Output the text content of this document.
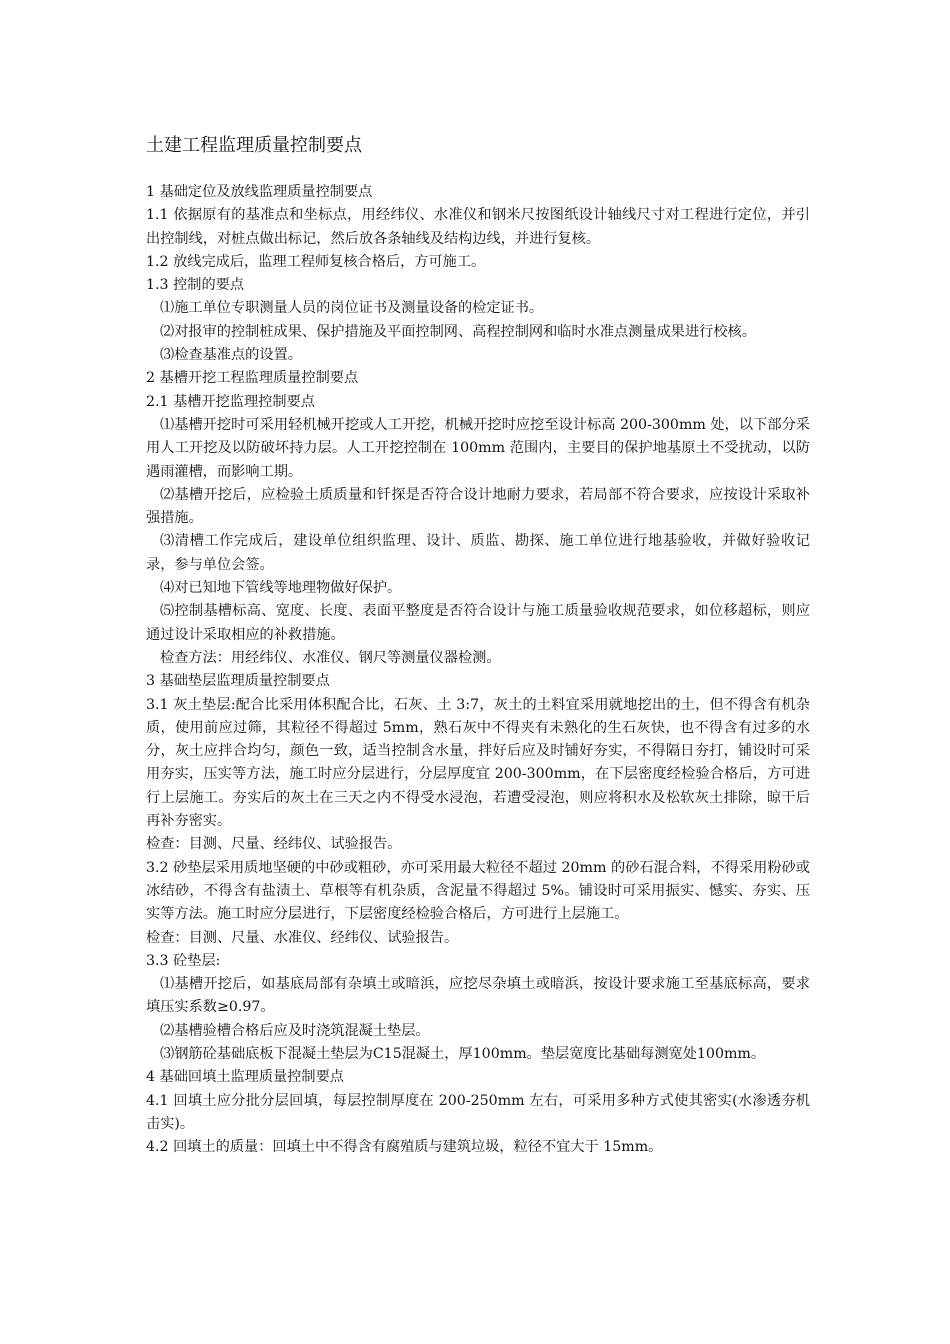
土建工程监理质量控制要点

1 基础定位及放线监理质量控制要点

1.1 依据原有的基准点和坐标点，用经纬仪、水准仪和钢米尺按图纸设计轴线尺寸对工程进行定位，并引出控制线，对桩点做出标记，然后放各条轴线及结构边线，并进行复核。

1.2 放线完成后，监理工程师复核合格后，方可施工。

1.3 控制的要点

⑴施工单位专职测量人员的岗位证书及测量设备的检定证书。

⑵对报审的控制桩成果、保护措施及平面控制网、高程控制网和临时水准点测量成果进行校核。

⑶检查基准点的设置。

2 基槽开挖工程监理质量控制要点

2.1 基槽开挖监理控制要点

⑴基槽开挖时可采用轻机械开挖或人工开挖，机械开挖时应挖至设计标高 200-300mm 处，以下部分采用人工开挖及以防破坏持力层。人工开挖控制在 100mm 范围内，主要目的保护地基原土不受扰动，以防遇雨灌槽，而影响工期。

⑵基槽开挖后，应检验土质质量和钎探是否符合设计地耐力要求，若局部不符合要求，应按设计采取补强措施。

⑶清槽工作完成后，建设单位组织监理、设计、质监、勘探、施工单位进行地基验收，并做好验收记录，参与单位会签。

⑷对已知地下管线等地理物做好保护。

⑸控制基槽标高、宽度、长度、表面平整度是否符合设计与施工质量验收规范要求，如位移超标，则应通过设计采取相应的补救措施。

检查方法：用经纬仪、水准仪、钢尺等测量仪器检测。

3 基础垫层监理质量控制要点

3.1 灰土垫层:配合比采用体积配合比，石灰、土 3:7，灰土的土料宜采用就地挖出的土，但不得含有机杂质，使用前应过筛，其粒径不得超过 5mm，熟石灰中不得夹有未熟化的生石灰快，也不得含有过多的水分，灰土应拌合均匀，颜色一致，适当控制含水量，拌好后应及时铺好夯实，不得隔日夯打，铺设时可采用夯实，压实等方法，施工时应分层进行，分层厚度宜 200-300mm，在下层密度经检验合格后，方可进行上层施工。夯实后的灰土在三天之内不得受水浸泡，若遭受浸泡，则应将积水及松软灰土排除，晾干后再补夯密实。

检查：目测、尺量、经纬仪、试验报告。

3.2 砂垫层采用质地坚硬的中砂或粗砂，亦可采用最大粒径不超过 20mm 的砂石混合料，不得采用粉砂或冰结砂，不得含有盐渍土、草根等有机杂质，含泥量不得超过 5%。铺设时可采用振实、憾实、夯实、压实等方法。施工时应分层进行，下层密度经检验合格后，方可进行上层施工。

检查：目测、尺量、水准仪、经纬仪、试验报告。

3.3 砼垫层:

⑴基槽开挖后，如基底局部有杂填土或暗浜，应挖尽杂填土或暗浜，按设计要求施工至基底标高，要求填压实系数≥0.97。

⑵基槽验槽合格后应及时浇筑混凝土垫层。

⑶钢筋砼基础底板下混凝土垫层为C15混凝土，厚100mm。垫层宽度比基础每测宽处100mm。

4 基础回填土监理质量控制要点

4.1 回填土应分批分层回填，每层控制厚度在 200-250mm 左右，可采用多种方式使其密实(水渗透夯机击实)。

4.2 回填土的质量：回填土中不得含有腐殖质与建筑垃圾，粒径不宜大于 15mm。
